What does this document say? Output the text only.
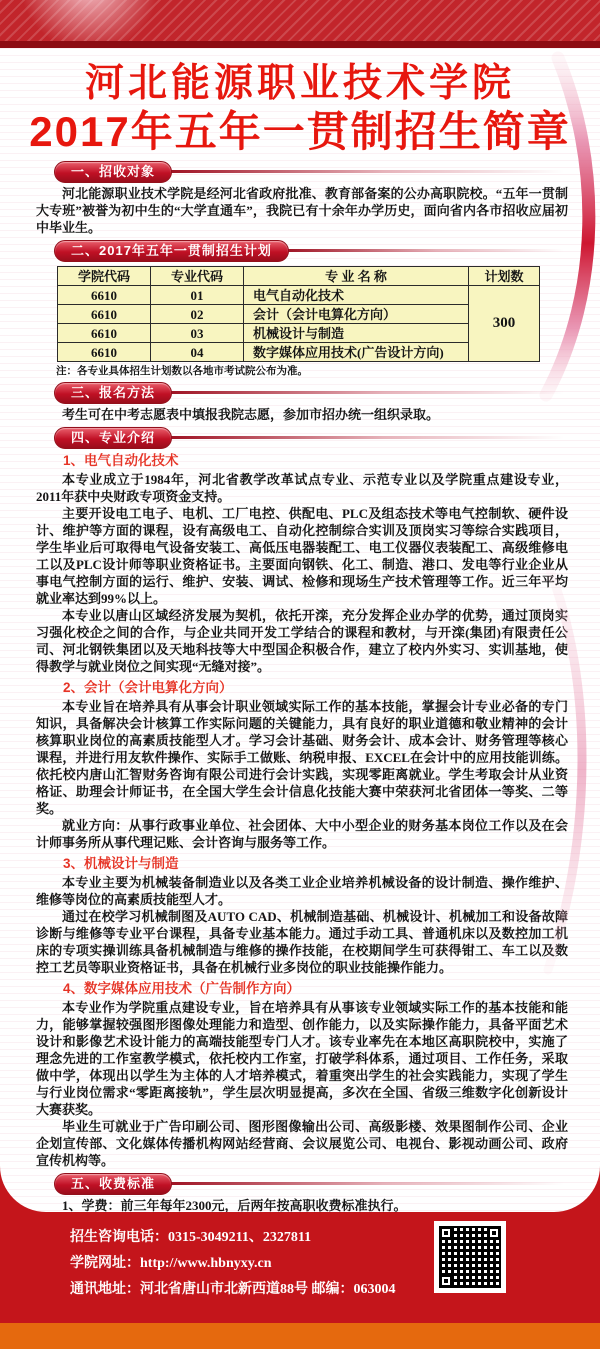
河北能源职业技术学院
2017年五年一贯制招生简章
一、招收对象
河北能源职业技术学院是经河北省政府批准、教育部备案的公办高职院校。“五年一贯制大专班”被誉为初中生的“大学直通车”，我院已有十余年办学历史，面向省内各市招收应届初中毕业生。
二、2017年五年一贯制招生计划
学院代码	专业代码	专 业 名 称	计划数
6610	01	电气自动化技术	300
6610	02	会计（会计电算化方向）	
6610	03	机械设计与制造	
6610	04	数字媒体应用技术(广告设计方向)	
注：各专业具体招生计划数以各地市考试院公布为准。
三、报名方法
考生可在中考志愿表中填报我院志愿，参加市招办统一组织录取。
四、专业介绍
1、电气自动化技术
本专业成立于1984年，河北省教学改革试点专业、示范专业以及学院重点建设专业，2011年获中央财政专项资金支持。
主要开设电工电子、电机、工厂电控、供配电、PLC及组态技术等电气控制软、硬件设计、维护等方面的课程，设有高级电工、自动化控制综合实训及顶岗实习等综合实践项目，学生毕业后可取得电气设备安装工、高低压电器装配工、电工仪器仪表装配工、高级维修电工以及PLC设计师等职业资格证书。主要面向钢铁、化工、制造、港口、发电等行业企业从事电气控制方面的运行、维护、安装、调试、检修和现场生产技术管理等工作。近三年平均就业率达到99%以上。
本专业以唐山区域经济发展为契机，依托开滦，充分发挥企业办学的优势，通过顶岗实习强化校企之间的合作，与企业共同开发工学结合的课程和教材，与开滦(集团)有限责任公司、河北钢铁集团以及天地科技等大中型国企积极合作，建立了校内外实习、实训基地，使得教学与就业岗位之间实现“无缝对接”。
2、会计（会计电算化方向）
本专业旨在培养具有从事会计职业领域实际工作的基本技能，掌握会计专业必备的专门知识，具备解决会计核算工作实际问题的关键能力，具有良好的职业道德和敬业精神的会计核算职业岗位的高素质技能型人才。学习会计基础、财务会计、成本会计、财务管理等核心课程，并进行用友软件操作、实际手工做账、纳税申报、EXCEL在会计中的应用技能训练。依托校内唐山汇智财务咨询有限公司进行会计实践，实现零距离就业。学生考取会计从业资格证、助理会计师证书，在全国大学生会计信息化技能大赛中荣获河北省团体一等奖、二等奖。
就业方向：从事行政事业单位、社会团体、大中小型企业的财务基本岗位工作以及在会计师事务所从事代理记账、会计咨询与服务等工作。
3、机械设计与制造
本专业主要为机械装备制造业以及各类工业企业培养机械设备的设计制造、操作维护、维修等岗位的高素质技能型人才。
通过在校学习机械制图及AUTO CAD、机械制造基础、机械设计、机械加工和设备故障诊断与维修等专业平台课程，具备专业基本能力。通过手动工具、普通机床以及数控加工机床的专项实操训练具备机械制造与维修的操作技能，在校期间学生可获得钳工、车工以及数控工艺员等职业资格证书，具备在机械行业多岗位的职业技能操作能力。
4、数字媒体应用技术（广告制作方向）
本专业作为学院重点建设专业，旨在培养具有从事该专业领域实际工作的基本技能和能力，能够掌握较强图形图像处理能力和造型、创作能力，以及实际操作能力，具备平面艺术设计和影像艺术设计能力的高端技能型专门人才。该专业率先在本地区高职院校中，实施了理念先进的工作室教学模式，依托校内工作室，打破学科体系，通过项目、工作任务，采取做中学，体现出以学生为主体的人才培养模式，着重突出学生的社会实践能力，实现了学生与行业岗位需求“零距离接轨”，学生层次明显提高，多次在全国、省级三维数字化创新设计大赛获奖。
毕业生可就业于广告印刷公司、图形图像输出公司、高级影楼、效果图制作公司、企业企划宣传部、文化媒体传播机构网站经营商、会议展览公司、电视台、影视动画公司、政府宣传机构等。
五、收费标准
1、学费：前三年每年2300元，后两年按高职收费标准执行。
招生咨询电话：0315-3049211、2327811
学院网址：http://www.hbnyxy.cn
通讯地址：河北省唐山市北新西道88号 邮编：063004
